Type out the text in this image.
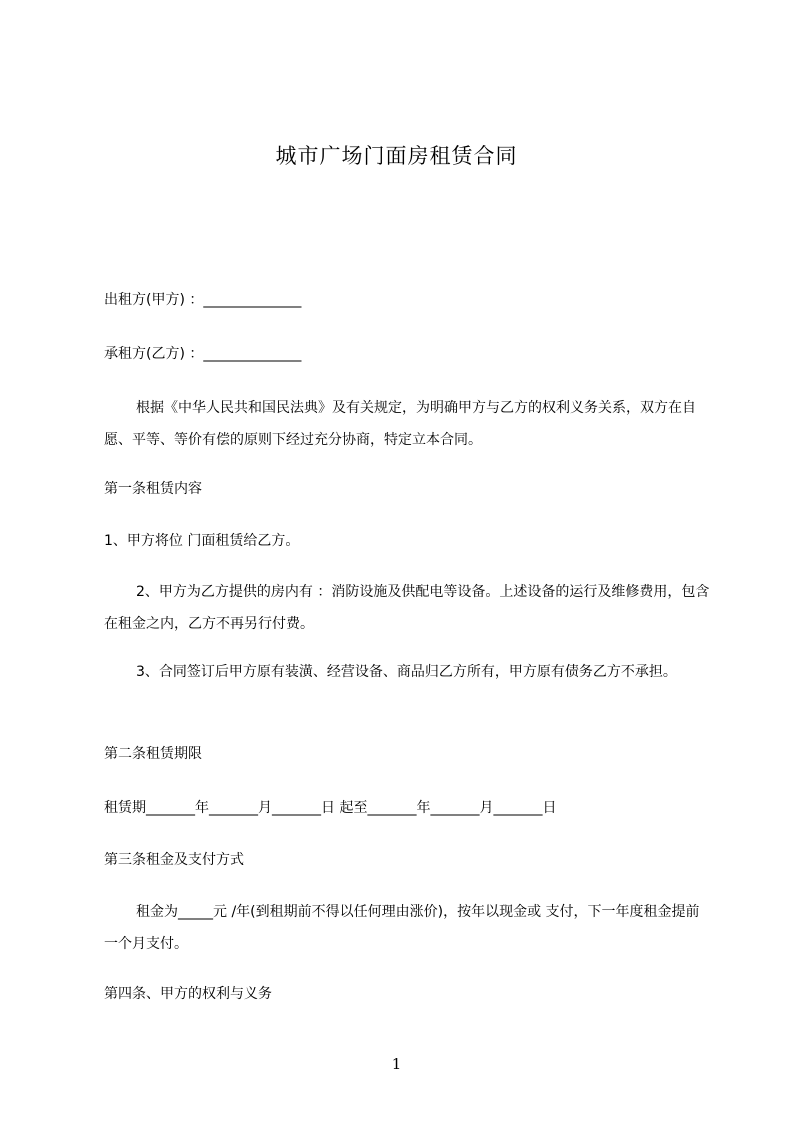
城市广场门面房租赁合同
出租方(甲方) ：______________
承租方(乙方) ：______________
根据《中华人民共和国民法典》及有关规定，为明确甲方与乙方的权利义务关系，双方在自愿、平等、等价有偿的原则下经过充分协商，特定立本合同。
第一条租赁内容
1、甲方将位 门面租赁给乙方。
2、甲方为乙方提供的房内有 ：消防设施及供配电等设备。上述设备的运行及维修费用，包含在租金之内，乙方不再另行付费。
3、合同签订后甲方原有装潢、经营设备、商品归乙方所有，甲方原有债务乙方不承担。
第二条租赁期限
租赁期_______年_______月_______日 起至_______年_______月_______日
第三条租金及支付方式
租金为_____元 /年(到租期前不得以任何理由涨价)，按年以现金或 支付，下一年度租金提前一个月支付。
第四条、甲方的权利与义务
1
